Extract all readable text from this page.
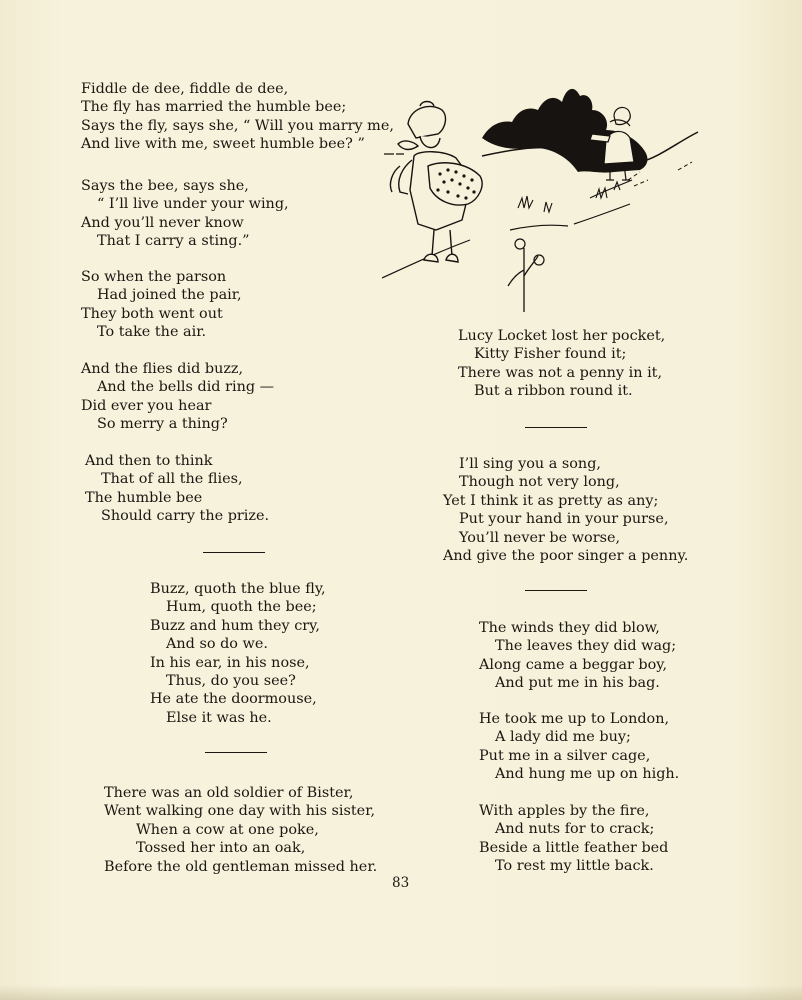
Fiddle de dee, fiddle de dee,
The fly has married the humble bee;
Says the fly, says she, “ Will you marry me,
And live with me, sweet humble bee? ”
Says the bee, says she,
“ I’ll live under your wing,
And you’ll never know
That I carry a sting.”
So when the parson
Had joined the pair,
They both went out
To take the air.
And the flies did buzz,
And the bells did ring —
Did ever you hear
So merry a thing?
And then to think
That of all the flies,
The humble bee
Should carry the prize.
Buzz, quoth the blue fly,
Hum, quoth the bee;
Buzz and hum they cry,
And so do we.
In his ear, in his nose,
Thus, do you see?
He ate the doormouse,
Else it was he.
There was an old soldier of Bister,
Went walking one day with his sister,
When a cow at one poke,
Tossed her into an oak,
Before the old gentleman missed her.
Lucy Locket lost her pocket,
Kitty Fisher found it;
There was not a penny in it,
But a ribbon round it.
I’ll sing you a song,
Though not very long,
Yet I think it as pretty as any;
Put your hand in your purse,
You’ll never be worse,
And give the poor singer a penny.
The winds they did blow,
The leaves they did wag;
Along came a beggar boy,
And put me in his bag.
He took me up to London,
A lady did me buy;
Put me in a silver cage,
And hung me up on high.
With apples by the fire,
And nuts for to crack;
Beside a little feather bed
To rest my little back.
83
